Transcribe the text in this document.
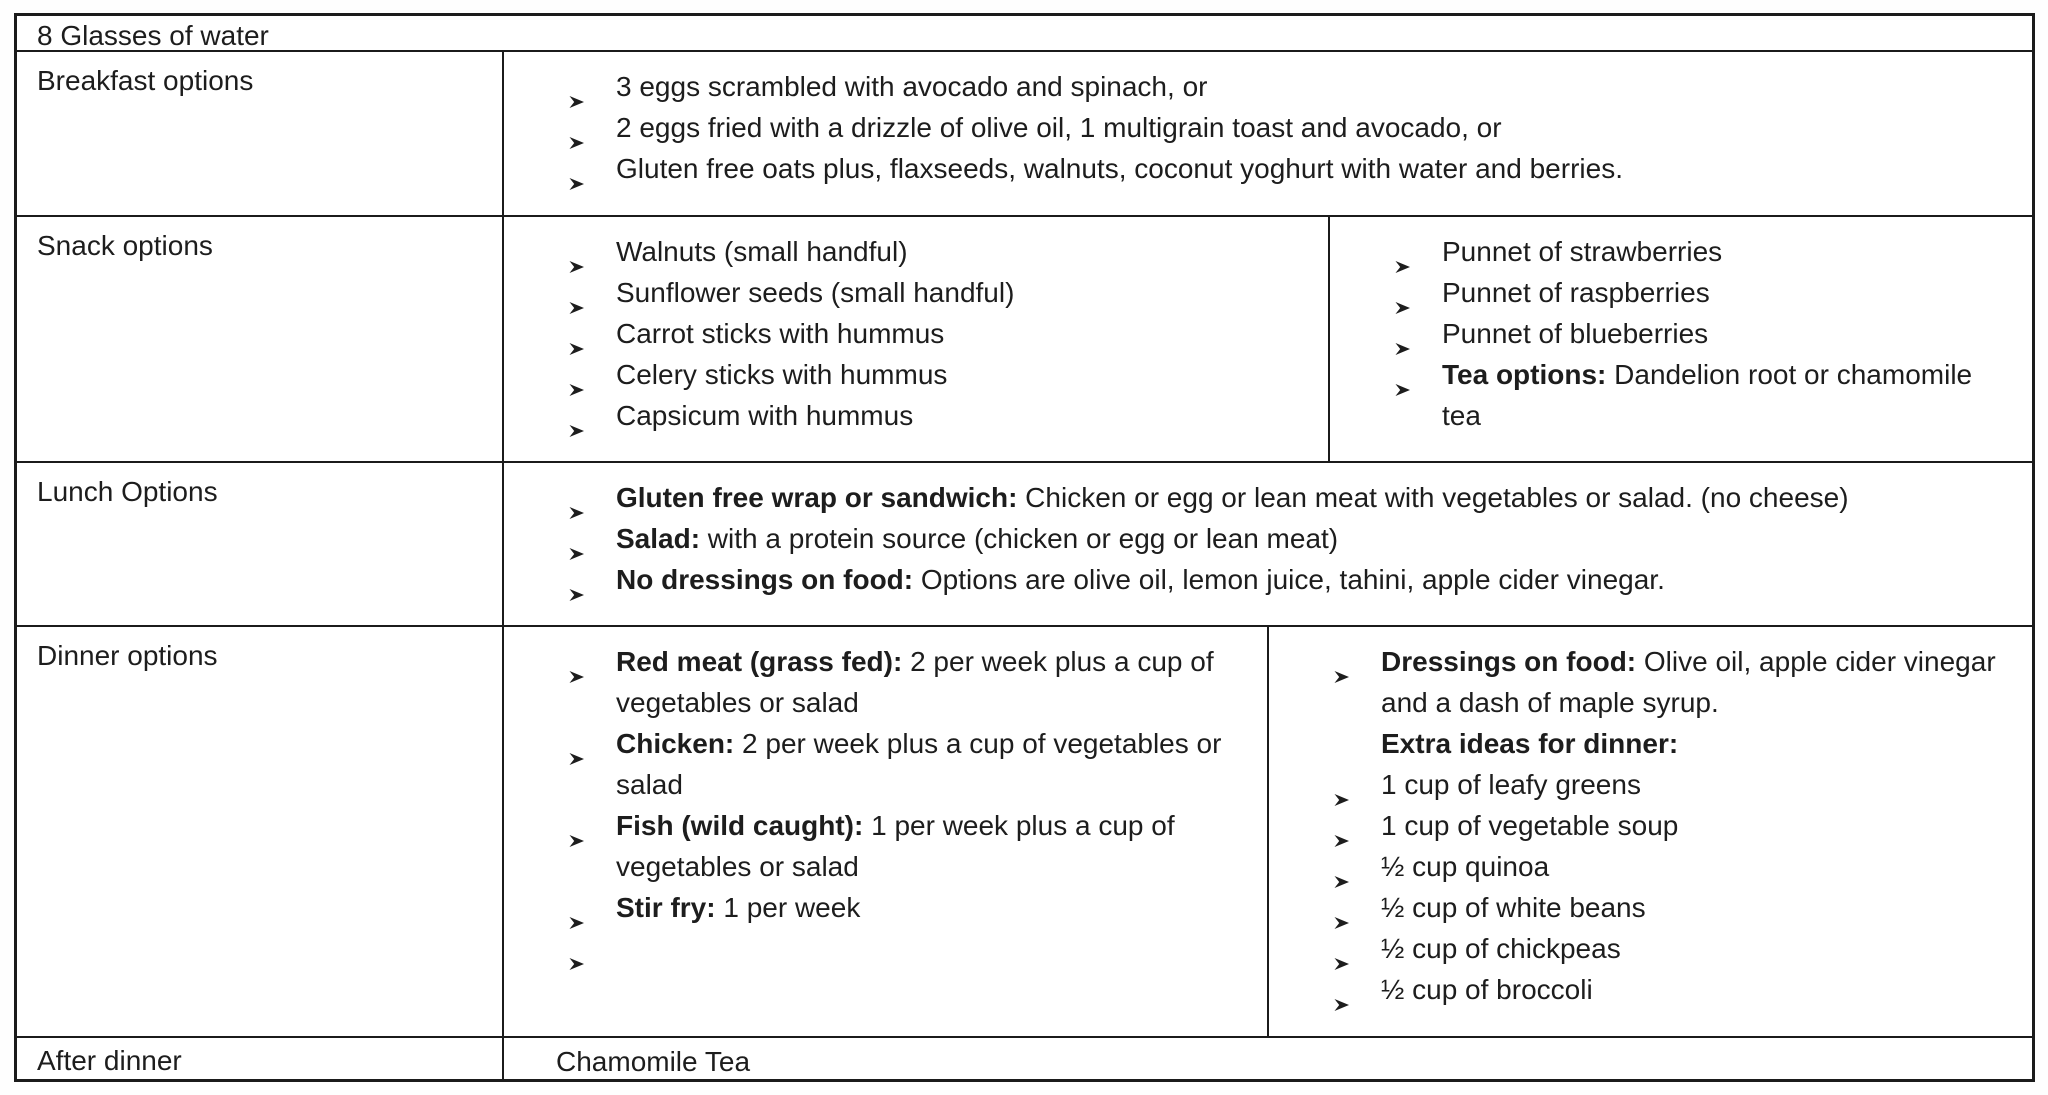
8 Glasses of water
Breakfast options	3 eggs scrambled with avocado and spinach, or
2 eggs fried with a drizzle of olive oil, 1 multigrain toast and avocado, or
Gluten free oats plus, flaxseeds, walnuts, coconut yoghurt with water and berries.
Snack options	Walnuts (small handful)
Sunflower seeds (small handful)
Carrot sticks with hummus
Celery sticks with hummus
Capsicum with hummus
Punnet of strawberries
Punnet of raspberries
Punnet of blueberries
Tea options: Dandelion root or chamomile tea
Lunch Options	Gluten free wrap or sandwich: Chicken or egg or lean meat with vegetables or salad. (no cheese)
Salad: with a protein source (chicken or egg or lean meat)
No dressings on food: Options are olive oil, lemon juice, tahini, apple cider vinegar.
Dinner options	Red meat (grass fed): 2 per week plus a cup of vegetables or salad
Chicken: 2 per week plus a cup of vegetables or salad
Fish (wild caught): 1 per week plus a cup of vegetables or salad
Stir fry: 1 per week
Dressings on food: Olive oil, apple cider vinegar and a dash of maple syrup.
Extra ideas for dinner:
1 cup of leafy greens
1 cup of vegetable soup
½ cup quinoa
½ cup of white beans
½ cup of chickpeas
½ cup of broccoli
After dinner	Chamomile Tea
